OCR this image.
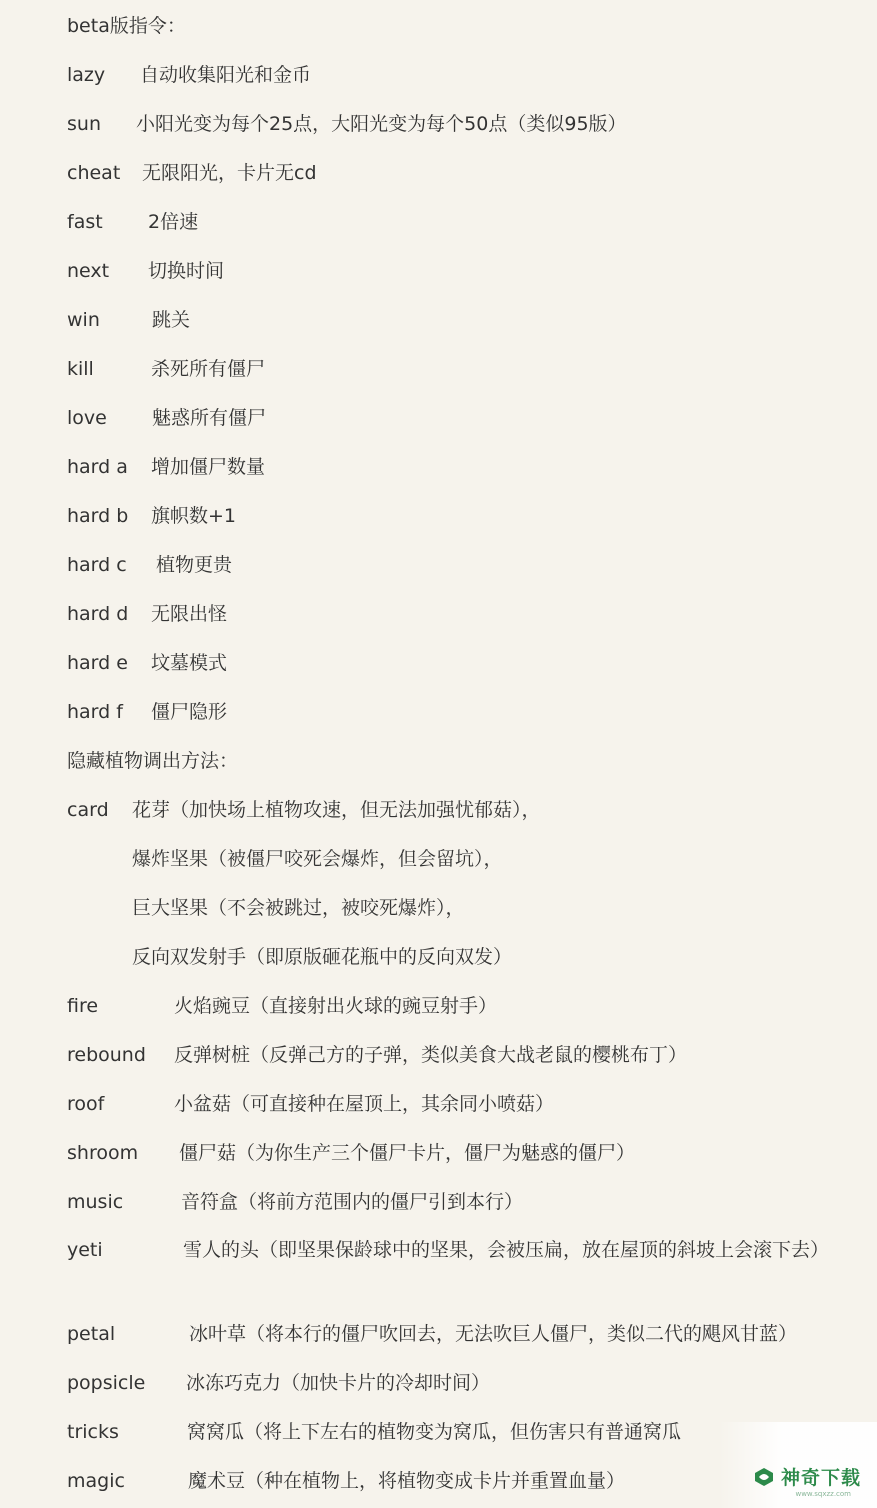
beta版指令：
lazy 自动收集阳光和金币
sun 小阳光变为每个25点，大阳光变为每个50点（类似95版）
cheat 无限阳光，卡片无cd
fast 2倍速
next 切换时间
win	跳关
kill	杀死所有僵尸
love 魅惑所有僵尸
hard a 增加僵尸数量
hard b 旗帜数+1
hard c 植物更贵
hard d 无限出怪
hard e 坟墓模式
hard f 僵尸隐形
隐藏植物调出方法：
card 花芽（加快场上植物攻速，但无法加强忧郁菇），
爆炸坚果（被僵尸咬死会爆炸，但会留坑），
巨大坚果（不会被跳过，被咬死爆炸），
反向双发射手（即原版砸花瓶中的反向双发）
fire	火焰豌豆（直接射出火球的豌豆射手）
rebound 反弹树桩（反弹己方的子弹，类似美食大战老鼠的樱桃布丁）
roof	小盆菇（可直接种在屋顶上，其余同小喷菇）
shroom 僵尸菇（为你生产三个僵尸卡片，僵尸为魅惑的僵尸）
music	音符盒（将前方范围内的僵尸引到本行）
yeti	雪人的头（即坚果保龄球中的坚果，会被压扁，放在屋顶的斜坡上会滚下去）
petal	冰叶草（将本行的僵尸吹回去，无法吹巨人僵尸，类似二代的飓风甘蓝）
popsicle 冰冻巧克力（加快卡片的冷却时间）
tricks	窝窝瓜（将上下左右的植物变为窝瓜，但伤害只有普通窝瓜
magic	魔术豆（种在植物上，将植物变成卡片并重置血量）	神奇下载
www.sqxzz.com
